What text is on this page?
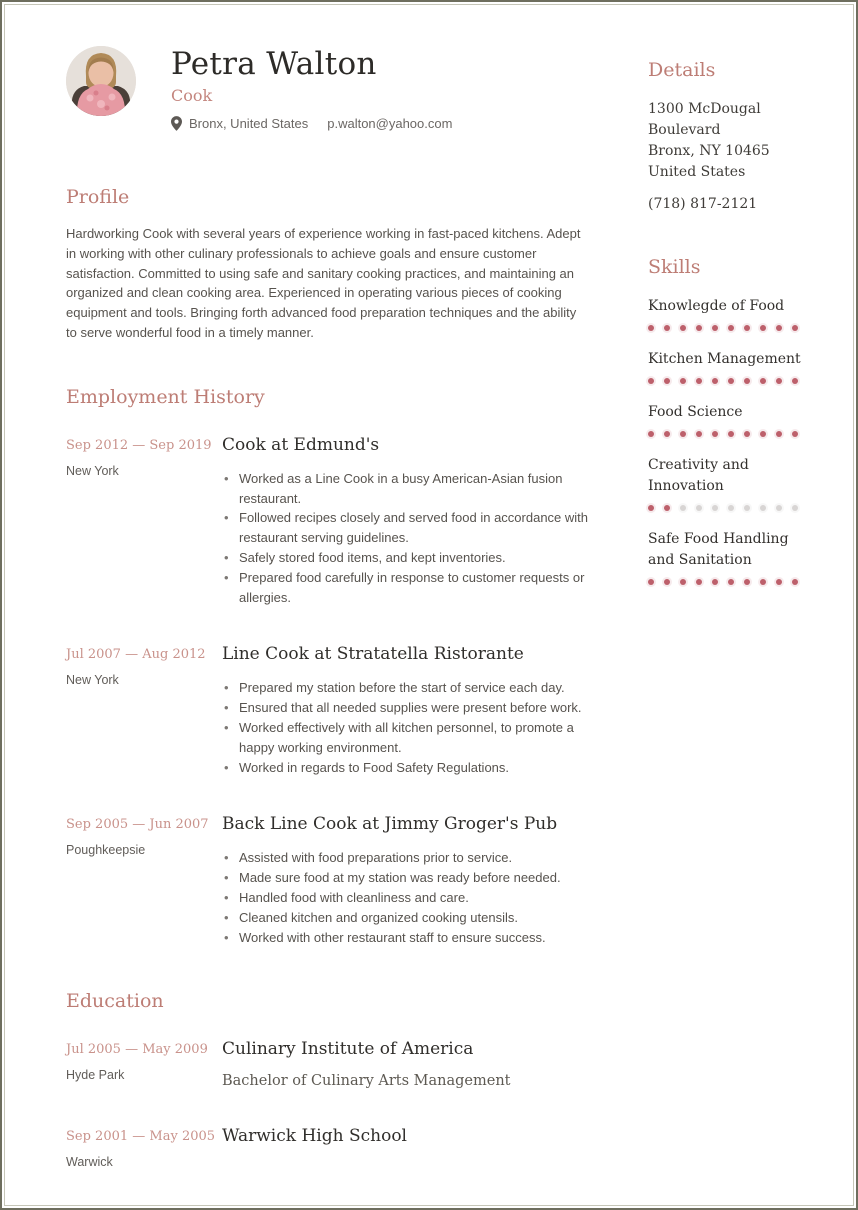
Petra Walton
Cook
Bronx, United States p.walton@yahoo.com
Profile

Hardworking Cook with several years of experience working in fast-paced kitchens. Adept in working with other culinary professionals to achieve goals and ensure customer satisfaction. Committed to using safe and sanitary cooking practices, and maintaining an organized and clean cooking area. Experienced in operating various pieces of cooking equipment and tools. Bringing forth advanced food preparation techniques and the ability to serve wonderful food in a timely manner.

Employment History
Sep 2012 — Sep 2019
New York
Cook at Edmund's
• Worked as a Line Cook in a busy American-Asian fusion restaurant.
• Followed recipes closely and served food in accordance with restaurant serving guidelines.
• Safely stored food items, and kept inventories.
• Prepared food carefully in response to customer requests or allergies.
Jul 2007 — Aug 2012
New York
Line Cook at Stratatella Ristorante
• Prepared my station before the start of service each day.
• Ensured that all needed supplies were present before work.
• Worked effectively with all kitchen personnel, to promote a happy working environment.
• Worked in regards to Food Safety Regulations.
Sep 2005 — Jun 2007
Poughkeepsie
Back Line Cook at Jimmy Groger's Pub
• Assisted with food preparations prior to service.
• Made sure food at my station was ready before needed.
• Handled food with cleanliness and care.
• Cleaned kitchen and organized cooking utensils.
• Worked with other restaurant staff to ensure success.
Education
Jul 2005 — May 2009
Hyde Park
Culinary Institute of America
Bachelor of Culinary Arts Management
Sep 2001 — May 2005
Warwick
Warwick High School
Details
1300 McDougal Boulevard
Bronx, NY 10465
United States

(718) 817-2121

Skills
Knowlegde of Food
Kitchen Management
Food Science
Creativity and Innovation
Safe Food Handling and Sanitation
